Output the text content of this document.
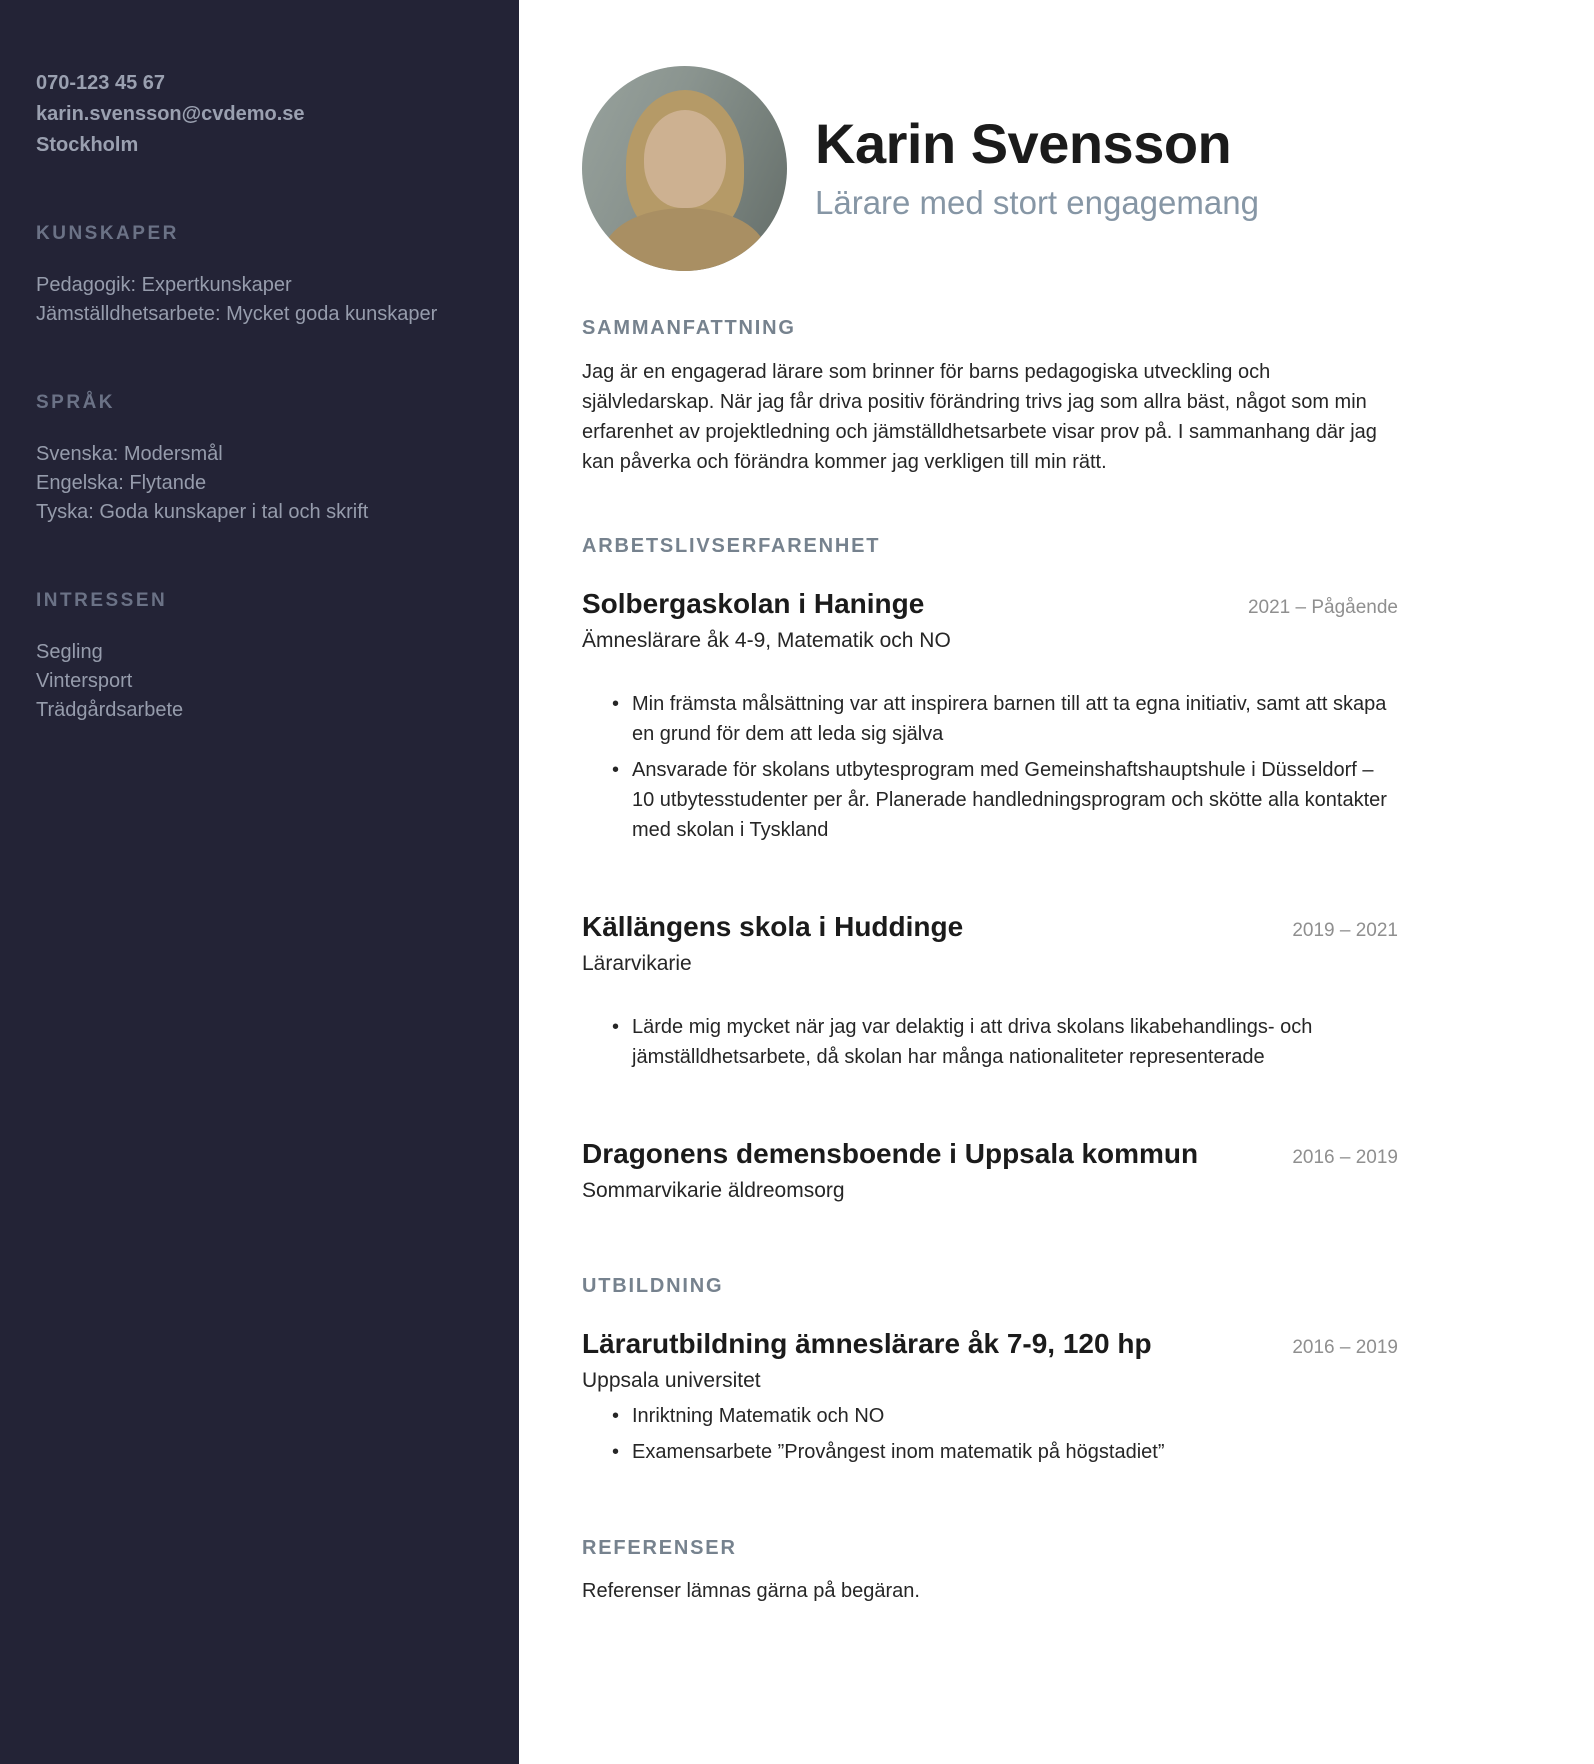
070-123 45 67
karin.svensson@cvdemo.se
Stockholm
KUNSKAPER
Pedagogik: Expertkunskaper
Jämställdhetsarbete: Mycket goda kunskaper
SPRÅK
Svenska: Modersmål
Engelska: Flytande
Tyska: Goda kunskaper i tal och skrift
INTRESSEN
Segling
Vintersport
Trädgårdsarbete
Karin Svensson
Lärare med stort engagemang
SAMMANFATTNING

Jag är en engagerad lärare som brinner för barns pedagogiska utveckling och självledarskap. När jag får driva positiv förändring trivs jag som allra bäst, något som min erfarenhet av projektledning och jämställdhetsarbete visar prov på. I sammanhang där jag kan påverka och förändra kommer jag verkligen till min rätt.

ARBETSLIVSERFARENHET
Solbergaskolan i Haninge	2021 – Pågående
Ämneslärare åk 4-9, Matematik och NO
• Min främsta målsättning var att inspirera barnen till att ta egna initiativ, samt att skapa en grund för dem att leda sig själva
• Ansvarade för skolans utbytesprogram med Gemeinshaftshauptshule i Düsseldorf – 10 utbytesstudenter per år. Planerade handledningsprogram och skötte alla kontakter med skolan i Tyskland
Källängens skola i Huddinge	2019 – 2021
Lärarvikarie
• Lärde mig mycket när jag var delaktig i att driva skolans likabehandlings- och jämställdhetsarbete, då skolan har många nationaliteter representerade
Dragonens demensboende i Uppsala kommun	2016 – 2019
Sommarvikarie äldreomsorg
UTBILDNING
Lärarutbildning ämneslärare åk 7-9, 120 hp	2016 – 2019
Uppsala universitet
• Inriktning Matematik och NO
• Examensarbete ”Provångest inom matematik på högstadiet”
REFERENSER

Referenser lämnas gärna på begäran.
